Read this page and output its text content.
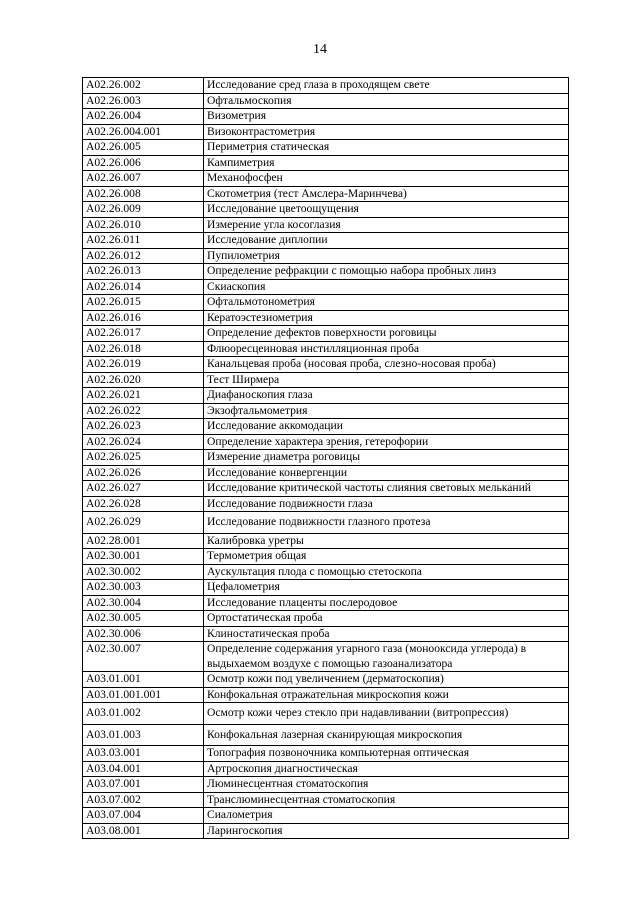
14
A02.26.002	Исследование сред глаза в проходящем свете
A02.26.003	Офтальмоскопия
A02.26.004	Визометрия
A02.26.004.001	Визоконтрастометрия
A02.26.005	Периметрия статическая
A02.26.006	Кампиметрия
A02.26.007	Механофосфен
A02.26.008	Скотометрия (тест Амслера-Маринчева)
A02.26.009	Исследование цветоощущения
A02.26.010	Измерение угла косоглазия
A02.26.011	Исследование диплопии
A02.26.012	Пупилометрия
A02.26.013	Определение рефракции с помощью набора пробных линз
A02.26.014	Скиаскопия
A02.26.015	Офтальмотонометрия
A02.26.016	Кератоэстезиометрия
A02.26.017	Определение дефектов поверхности роговицы
A02.26.018	Флюоресцеиновая инстилляционная проба
A02.26.019	Канальцевая проба (носовая проба, слезно-носовая проба)
A02.26.020	Тест Ширмера
A02.26.021	Диафаноскопия глаза
A02.26.022	Экзофтальмометрия
A02.26.023	Исследование аккомодации
A02.26.024	Определение характера зрения, гетерофории
A02.26.025	Измерение диаметра роговицы
A02.26.026	Исследование конвергенции
A02.26.027	Исследование критической частоты слияния световых мельканий
A02.26.028	Исследование подвижности глаза
A02.26.029	Исследование подвижности глазного протеза
A02.28.001	Калибровка уретры
A02.30.001	Термометрия общая
A02.30.002	Аускультация плода с помощью стетоскопа
A02.30.003	Цефалометрия
A02.30.004	Исследование плаценты послеродовое
A02.30.005	Ортостатическая проба
A02.30.006	Клиностатическая проба
A02.30.007	Определение содержания угарного газа (монооксида углерода) в выдыхаемом воздухе с помощью газоанализатора
A03.01.001	Осмотр кожи под увеличением (дерматоскопия)
A03.01.001.001	Конфокальная отражательная микроскопия кожи
A03.01.002	Осмотр кожи через стекло при надавливании (витропрессия)
A03.01.003	Конфокальная лазерная сканирующая микроскопия
A03.03.001	Топография позвоночника компьютерная оптическая
A03.04.001	Артроскопия диагностическая
A03.07.001	Люминесцентная стоматоскопия
A03.07.002	Транслюминесцентная стоматоскопия
A03.07.004	Сиалометрия
A03.08.001	Ларингоскопия
